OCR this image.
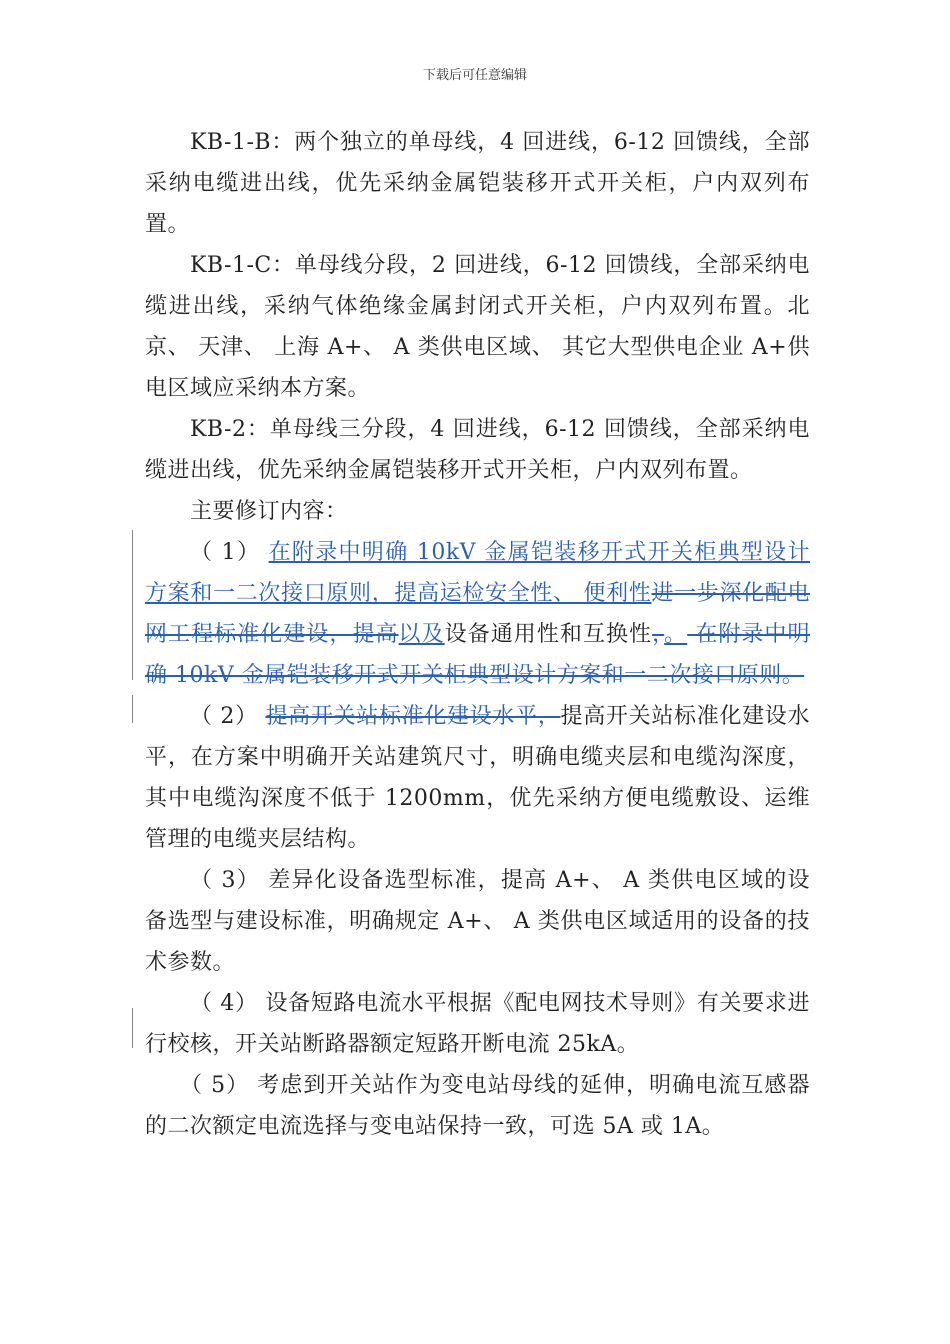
下载后可任意编辑

KB-1-B：两个独立的单母线，4 回进线，6-12 回馈线，全部采纳电缆进出线，优先采纳金属铠装移开式开关柜，户内双列布置。

KB-1-C：单母线分段，2 回进线，6-12 回馈线，全部采纳电缆进出线，采纳气体绝缘金属封闭式开关柜，户内双列布置。北京、 天津、 上海 A+、 A 类供电区域、 其它大型供电企业 A+供电区域应采纳本方案。

KB-2：单母线三分段，4 回进线，6-12 回馈线，全部采纳电缆进出线，优先采纳金属铠装移开式开关柜，户内双列布置。

主要修订内容：

（ 1） 在附录中明确 10kV 金属铠装移开式开关柜典型设计方案和一二次接口原则，提高运检安全性、 便利性进一步深化配电网工程标准化建设，提高以及设备通用性和互换性，。 在附录中明确 10kV 金属铠装移开式开关柜典型设计方案和一二次接口原则。

（ 2） 提高开关站标准化建设水平，提高开关站标准化建设水平，在方案中明确开关站建筑尺寸，明确电缆夹层和电缆沟深度，其中电缆沟深度不低于 1200mm，优先采纳方便电缆敷设、运维管理的电缆夹层结构。

（ 3） 差异化设备选型标准，提高 A+、 A 类供电区域的设备选型与建设标准，明确规定 A+、 A 类供电区域适用的设备的技术参数。

（ 4） 设备短路电流水平根据《配电网技术导则》有关要求进行校核，开关站断路器额定短路开断电流 25kA。

（ 5） 考虑到开关站作为变电站母线的延伸，明确电流互感器的二次额定电流选择与变电站保持一致，可选 5A 或 1A。
